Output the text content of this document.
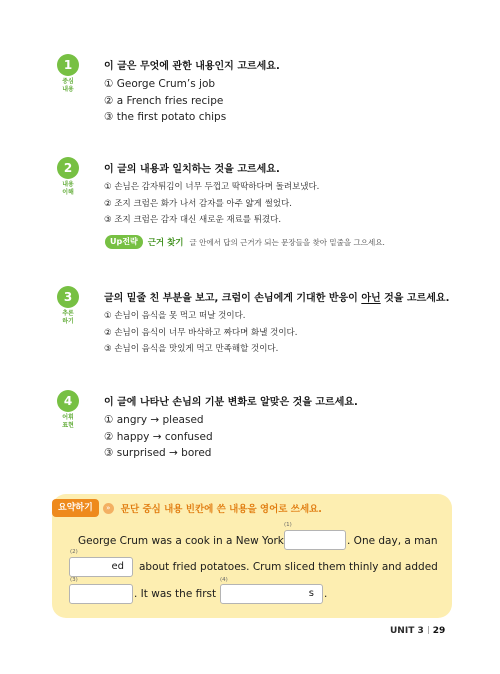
1
중심
내용
이 글은 무엇에 관한 내용인지 고르세요.
① George Crum’s job
② a French fries recipe
③ the first potato chips
2
내용
이해
이 글의 내용과 일치하는 것을 고르세요.
① 손님은 감자튀김이 너무 두껍고 딱딱하다며 돌려보냈다.
② 조지 크럼은 화가 나서 감자를 아주 얇게 썰었다.
③ 조지 크럼은 감자 대신 새로운 재료를 튀겼다.
Up전략	근거 찾기 글 안에서 답의 근거가 되는 문장들을 찾아 밑줄을 그으세요.
3
추론
하기
글의 밑줄 친 부분을 보고, 크럼이 손님에게 기대한 반응이 아닌 것을 고르세요.
① 손님이 음식을 못 먹고 떠날 것이다.
② 손님이 음식이 너무 바삭하고 짜다며 화낼 것이다.
③ 손님이 음식을 맛있게 먹고 만족해할 것이다.
4
어휘
표현
이 글에 나타난 손님의 기분 변화로 알맞은 것을 고르세요.
① angry → pleased
② happy → confused
③ surprised → bored
요약하기	»	문단 중심 내용 빈칸에 쓴 내용을 영어로 쓰세요.
George Crum was a cook in a New York
(1)
. One day, a man
(2)
ed about fried potatoes. Crum sliced them thinly and added
(3)
. It was the first
(4)
s .
UNIT 3 29
